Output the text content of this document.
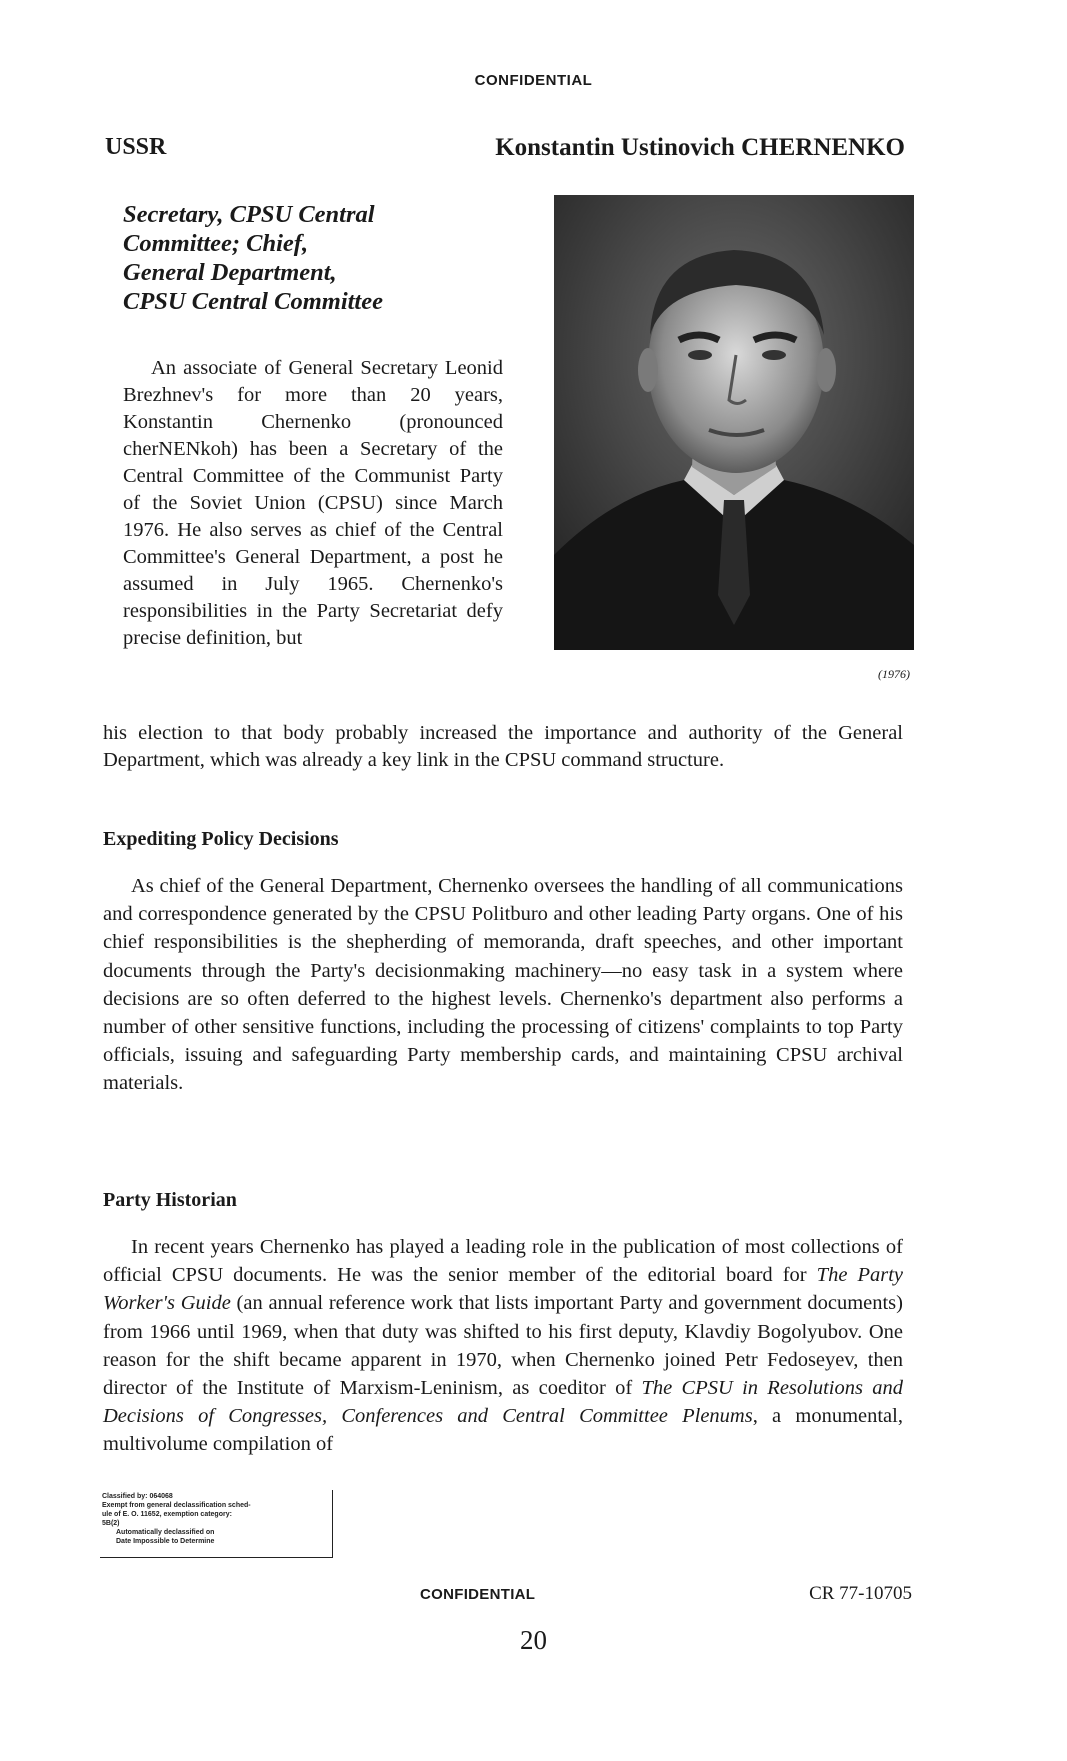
CONFIDENTIAL
USSR	Konstantin Ustinovich CHERNENKO
Secretary, CPSU Central
Committee; Chief,
General Department,
CPSU Central Committee
(1976)
An associate of General Secretary Leonid Brezhnev's for more than 20 years, Konstantin Chernenko (pronounced cherNENkoh) has been a Secretary of the Central Committee of the Communist Party of the Soviet Union (CPSU) since March 1976. He also serves as chief of the Central Committee's General Department, a post he assumed in July 1965. Chernenko's responsibilities in the Party Secretariat defy precise definition, but
his election to that body probably increased the importance and authority of the General Department, which was already a key link in the CPSU command structure.
Expediting Policy Decisions
As chief of the General Department, Chernenko oversees the handling of all communications and correspondence generated by the CPSU Politburo and other leading Party organs. One of his chief responsibilities is the shepherding of memoranda, draft speeches, and other important documents through the Party's decisionmaking machinery—no easy task in a system where decisions are so often deferred to the highest levels. Chernenko's department also performs a number of other sensitive functions, including the processing of citizens' complaints to top Party officials, issuing and safeguarding Party membership cards, and maintaining CPSU archival materials.
Party Historian
In recent years Chernenko has played a leading role in the publication of most collections of official CPSU documents. He was the senior member of the editorial board for The Party Worker's Guide (an annual reference work that lists important Party and government documents) from 1966 until 1969, when that duty was shifted to his first deputy, Klavdiy Bogolyubov. One reason for the shift became apparent in 1970, when Chernenko joined Petr Fedoseyev, then director of the Institute of Marxism-Leninism, as coeditor of The CPSU in Resolutions and Decisions of Congresses, Conferences and Central Committee Plenums, a monumental, multivolume compilation of
Classified by: 064068
Exempt from general declassification sched-
ule of E. O. 11652, exemption category:
5B(2)
Automatically declassified on
Date Impossible to Determine
CONFIDENTIAL	CR 77-10705
20
